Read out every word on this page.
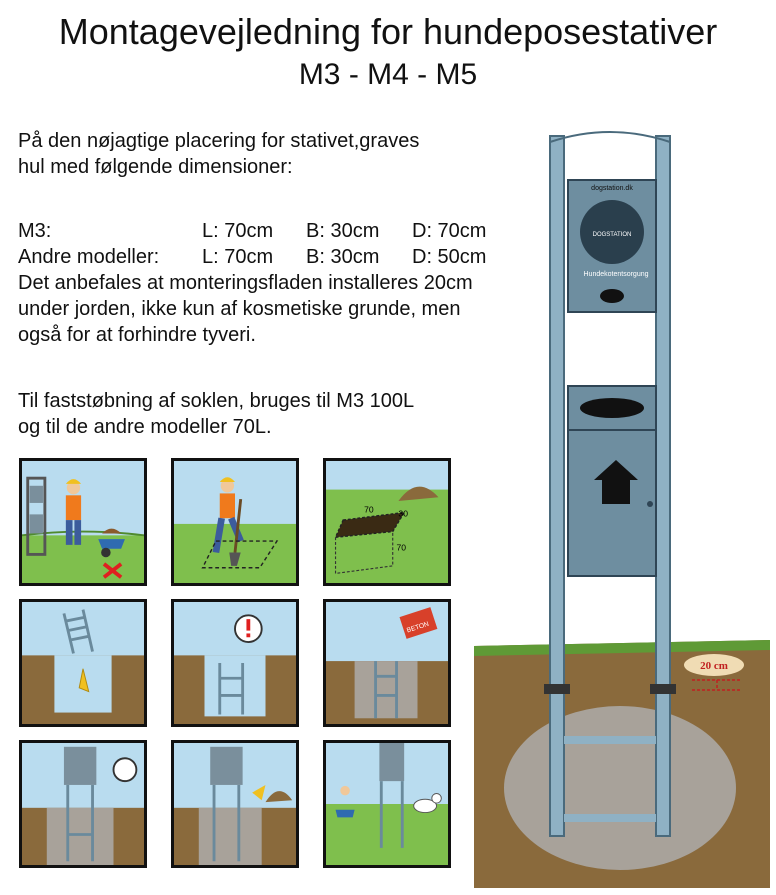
Montagevejledning for hundeposestativer
M3 - M4 - M5
På den nøjagtige placering for stativet,graves
hul med følgende dimensioner:
M3:	L: 70cm B: 30cm D: 70cm
Andre modeller: L: 70cm B: 30cm D: 50cm
Det anbefales at monteringsfladen installeres 20cm
under jorden, ikke kun af kosmetiske grunde, men
også for at forhindre tyveri.
Til faststøbning af soklen, bruges til M3 100L
og til de andre modeller 70L.
70	30
70
BETON
dogstation.dk
DOGSTATION
Hundekotentsorgung
20 cm
